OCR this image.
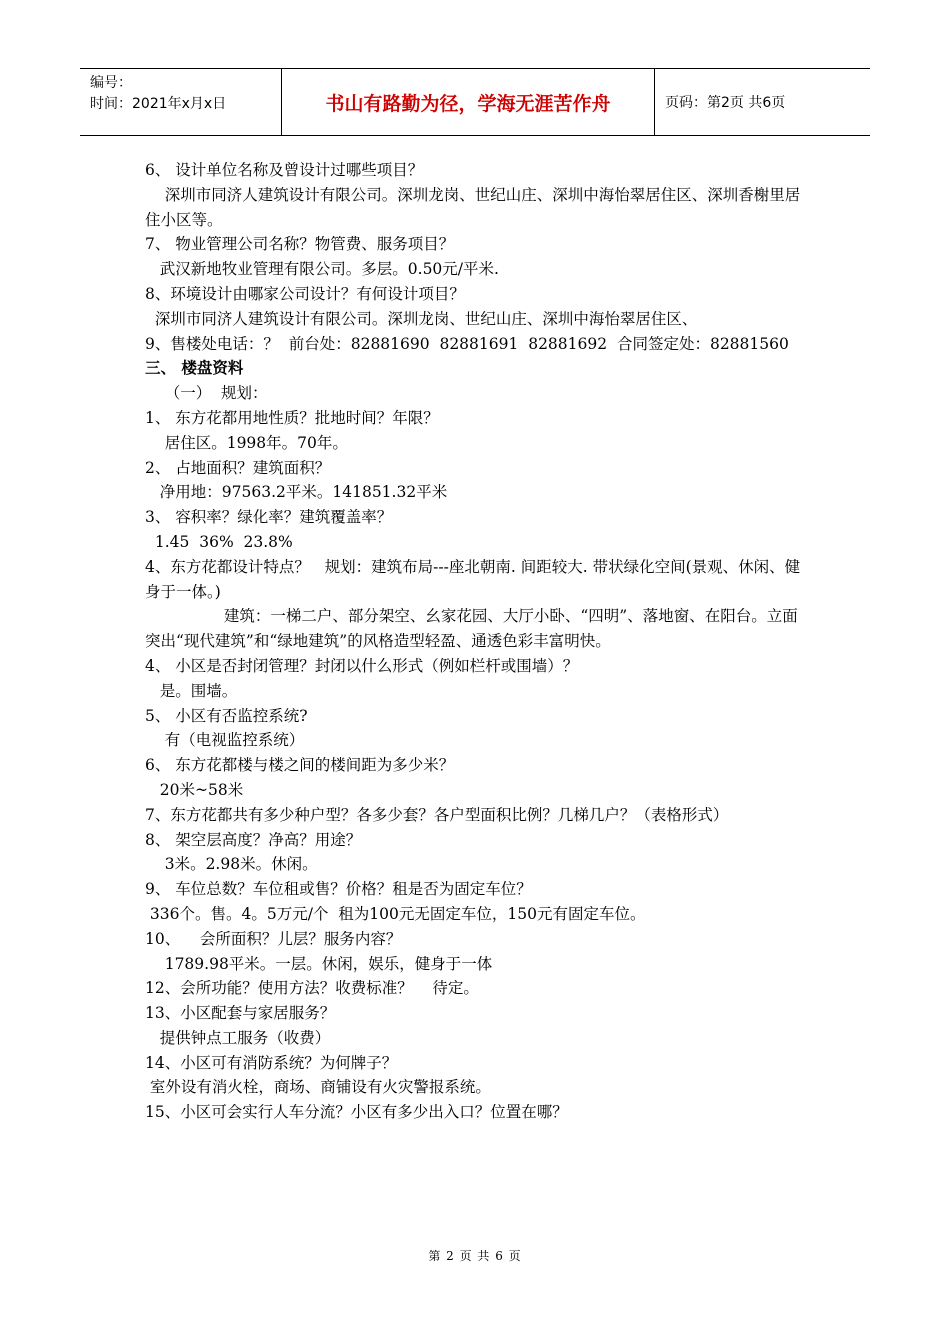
编号：
时间：2021年x月x日	书山有路勤为径，学海无涯苦作舟	页码：第2页 共6页
6、 设计单位名称及曾设计过哪些项目？
深圳市同济人建筑设计有限公司。深圳龙岗、世纪山庄、深圳中海怡翠居住区、深圳香榭里居住小区等。
7、 物业管理公司名称？物管费、服务项目？
武汉新地牧业管理有限公司。多层。0.50元/平米.
8、环境设计由哪家公司设计？有何设计项目？
深圳市同济人建筑设计有限公司。深圳龙岗、世纪山庄、深圳中海怡翠居住区、
9、售楼处电话：？  前台处：82881690  82881691  82881692  合同签定处：82881560
三、 楼盘资料
（一）  规划：
1、 东方花都用地性质？批地时间？年限？
居住区。1998年。70年。
2、 占地面积？建筑面积？
净用地：97563.2平米。141851.32平米
3、 容积率？绿化率？建筑覆盖率？
1.45  36%  23.8%
4、东方花都设计特点？   规划：建筑布局---座北朝南. 间距较大. 带状绿化空间(景观、休闲、健身于一体。)
建筑：一梯二户、部分架空、幺家花园、大厅小卧、“四明”、落地窗、在阳台。立面突出“现代建筑”和“绿地建筑”的风格造型轻盈、通透色彩丰富明快。
4、 小区是否封闭管理？封闭以什么形式（例如栏杆或围墙）？
是。围墙。
5、 小区有否监控系统?
有（电视监控系统）
6、 东方花都楼与楼之间的楼间距为多少米？
20米~58米
7、东方花都共有多少种户型？各多少套？各户型面积比例？几梯几户？（表格形式）
8、 架空层高度？净高？用途？
3米。2.98米。休闲。
9、 车位总数？车位租或售？价格？租是否为固定车位？
336个。售。4。5万元/个  租为100元无固定车位，150元有固定车位。
10、    会所面积？儿层？服务内容？
1789.98平米。一层。休闲，娱乐，健身于一体
12、会所功能？使用方法？收费标准？    待定。
13、小区配套与家居服务？
提供钟点工服务（收费）
14、小区可有消防系统？为何牌子？
室外设有消火栓，商场、商铺设有火灾警报系统。
15、小区可会实行人车分流？小区有多少出入口？位置在哪？
第 2 页 共 6 页
